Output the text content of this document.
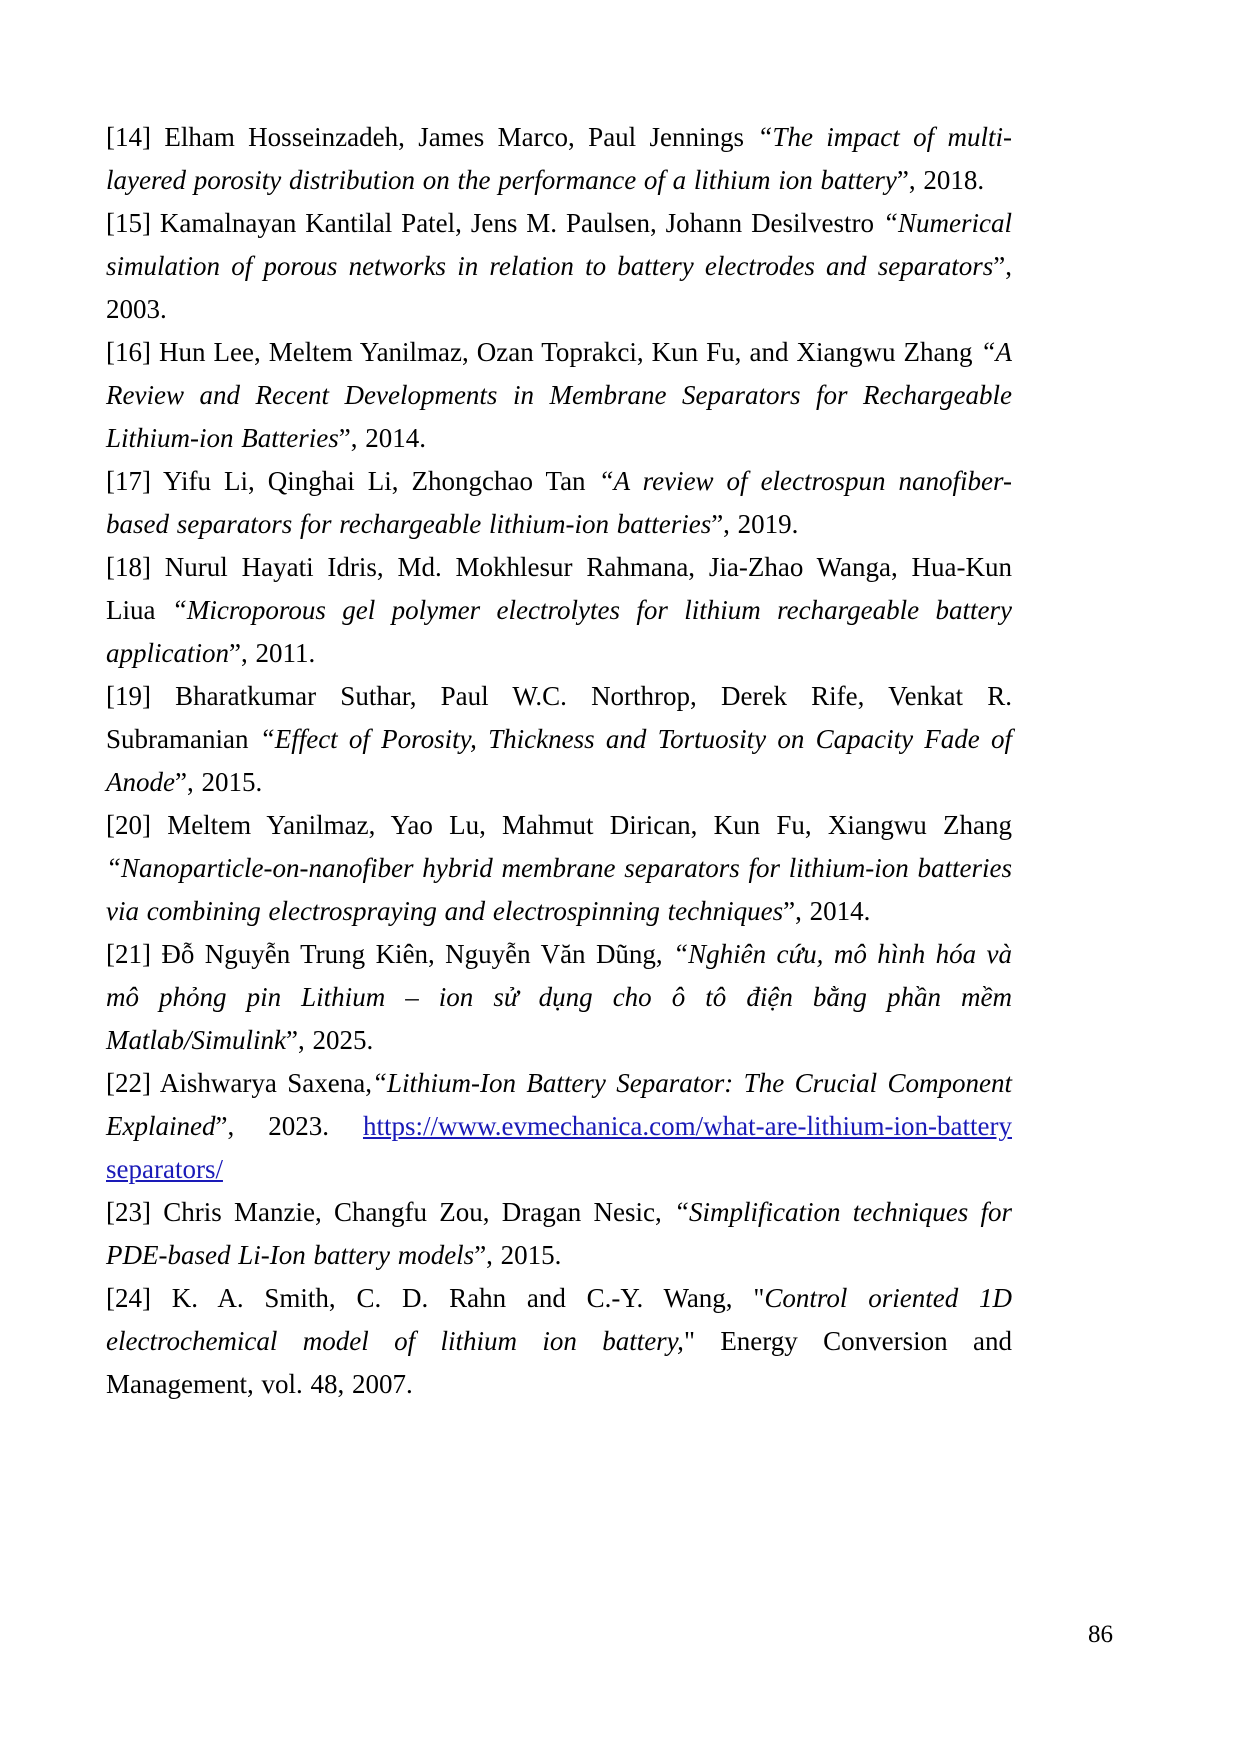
[14] Elham Hosseinzadeh, James Marco, Paul Jennings “The impact of multi-layered porosity distribution on the performance of a lithium ion battery”, 2018.

[15] Kamalnayan Kantilal Patel, Jens M. Paulsen, Johann Desilvestro “Numerical simulation of porous networks in relation to battery electrodes and separators”, 2003.

[16] Hun Lee, Meltem Yanilmaz, Ozan Toprakci, Kun Fu, and Xiangwu Zhang “A Review and Recent Developments in Membrane Separators for Rechargeable Lithium-ion Batteries”, 2014.

[17] Yifu Li, Qinghai Li, Zhongchao Tan “A review of electrospun nanofiber-based separators for rechargeable lithium-ion batteries”, 2019.

[18] Nurul Hayati Idris, Md. Mokhlesur Rahmana, Jia-Zhao Wanga, Hua-Kun Liua “Microporous gel polymer electrolytes for lithium rechargeable battery application”, 2011.

[19] Bharatkumar Suthar, Paul W.C. Northrop, Derek Rife, Venkat R. Subramanian “Effect of Porosity, Thickness and Tortuosity on Capacity Fade of Anode”, 2015.

[20] Meltem Yanilmaz, Yao Lu, Mahmut Dirican, Kun Fu, Xiangwu Zhang “Nanoparticle-on-nanofiber hybrid membrane separators for lithium-ion batteries via combining electrospraying and electrospinning techniques”, 2014.

[21] Đỗ Nguyễn Trung Kiên, Nguyễn Văn Dũng, “Nghiên cứu, mô hình hóa và mô phỏng pin Lithium – ion sử dụng cho ô tô điện bằng phần mềm Matlab/Simulink”, 2025.

[22] Aishwarya Saxena,“Lithium-Ion Battery Separator: The Crucial Component Explained”, 2023. https://www.evmechanica.com/what-are-lithium-ion-battery separators/

[23] Chris Manzie, Changfu Zou, Dragan Nesic, “Simplification techniques for PDE-based Li-Ion battery models”, 2015.

[24] K. A. Smith, C. D. Rahn and C.-Y. Wang, "Control oriented 1D electrochemical model of lithium ion battery," Energy Conversion and Management, vol. 48, 2007.

86
